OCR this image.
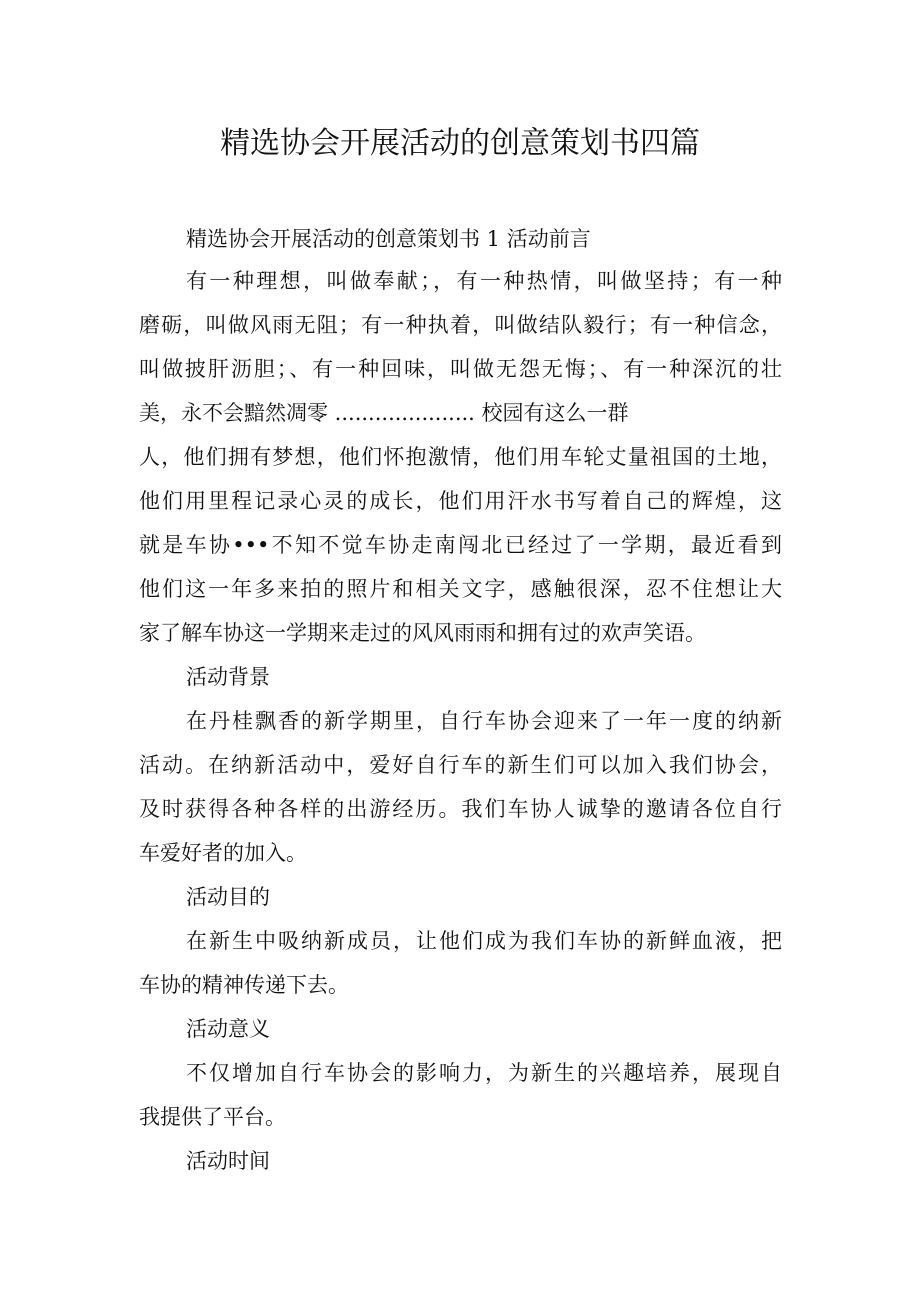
精选协会开展活动的创意策划书四篇
精选协会开展活动的创意策划书 1 活动前言
有一种理想，叫做奉献；，有一种热情，叫做坚持；有一种
磨砺，叫做风雨无阻；有一种执着，叫做结队毅行；有一种信念，
叫做披肝沥胆；、有一种回味，叫做无怨无悔；、有一种深沉的壮
美，永不会黯然凋零 ..................... 校园有这么一群
人，他们拥有梦想，他们怀抱激情，他们用车轮丈量祖国的土地，
他们用里程记录心灵的成长，他们用汗水书写着自己的辉煌，这
就是车协•••不知不觉车协走南闯北已经过了一学期，最近看到
他们这一年多来拍的照片和相关文字，感触很深，忍不住想让大
家了解车协这一学期来走过的风风雨雨和拥有过的欢声笑语。
活动背景
在丹桂飘香的新学期里，自行车协会迎来了一年一度的纳新
活动。在纳新活动中，爱好自行车的新生们可以加入我们协会，
及时获得各种各样的出游经历。我们车协人诚挚的邀请各位自行
车爱好者的加入。
活动目的
在新生中吸纳新成员，让他们成为我们车协的新鲜血液，把
车协的精神传递下去。
活动意义
不仅增加自行车协会的影响力，为新生的兴趣培养，展现自
我提供了平台。
活动时间
